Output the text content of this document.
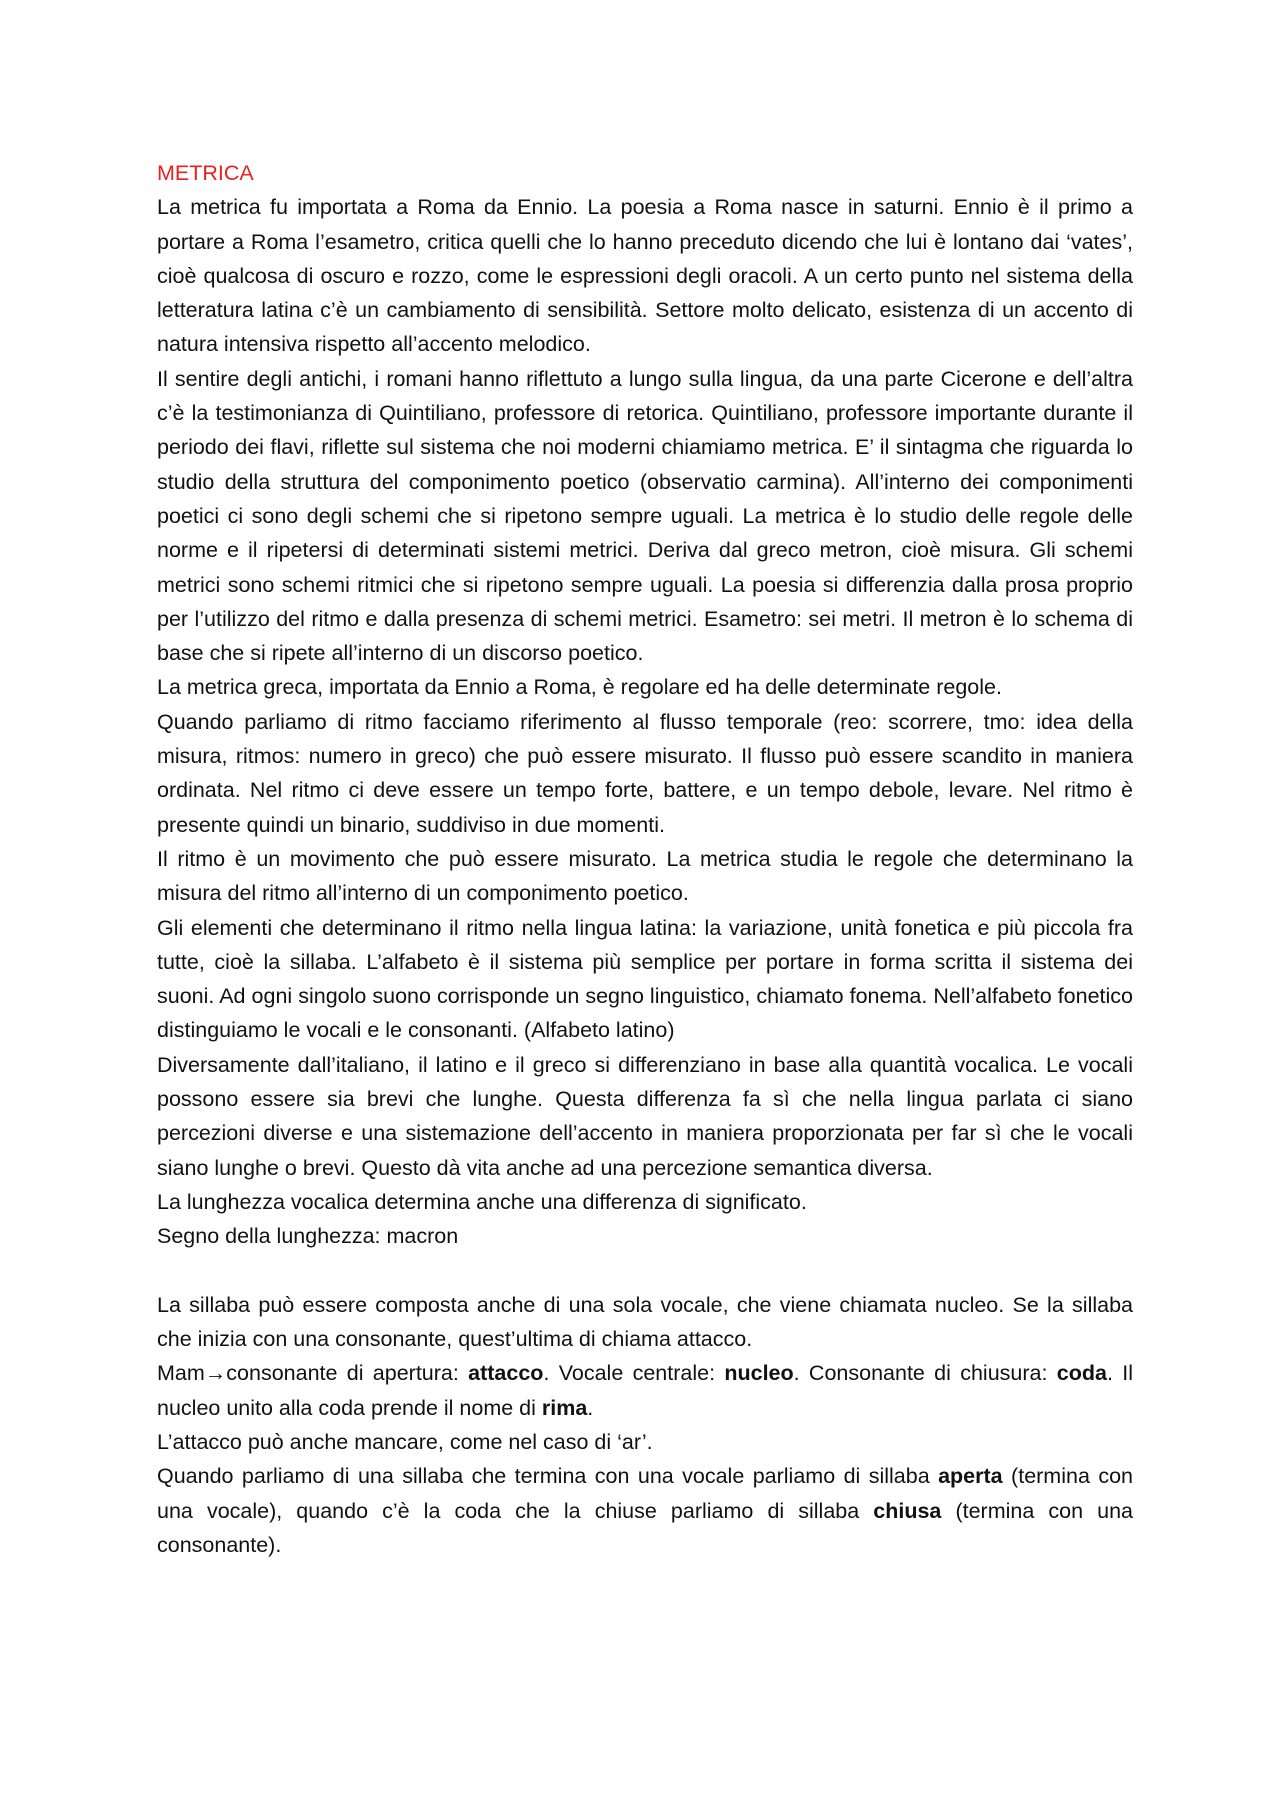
METRICA

La metrica fu importata a Roma da Ennio. La poesia a Roma nasce in saturni. Ennio è il primo a portare a Roma l’esametro, critica quelli che lo hanno preceduto dicendo che lui è lontano dai ‘vates’, cioè qualcosa di oscuro e rozzo, come le espressioni degli oracoli. A un certo punto nel sistema della letteratura latina c’è un cambiamento di sensibilità. Settore molto delicato, esistenza di un accento di natura intensiva rispetto all’accento melodico.

Il sentire degli antichi, i romani hanno riflettuto a lungo sulla lingua, da una parte Cicerone e dell’altra c’è la testimonianza di Quintiliano, professore di retorica. Quintiliano, professore importante durante il periodo dei flavi, riflette sul sistema che noi moderni chiamiamo metrica. E’ il sintagma che riguarda lo studio della struttura del componimento poetico (observatio carmina). All’interno dei componimenti poetici ci sono degli schemi che si ripetono sempre uguali. La metrica è lo studio delle regole delle norme e il ripetersi di determinati sistemi metrici. Deriva dal greco metron, cioè misura. Gli schemi metrici sono schemi ritmici che si ripetono sempre uguali. La poesia si differenzia dalla prosa proprio per l’utilizzo del ritmo e dalla presenza di schemi metrici. Esametro: sei metri. Il metron è lo schema di base che si ripete all’interno di un discorso poetico.

La metrica greca, importata da Ennio a Roma, è regolare ed ha delle determinate regole.

Quando parliamo di ritmo facciamo riferimento al flusso temporale (reo: scorrere, tmo: idea della misura, ritmos: numero in greco) che può essere misurato. Il flusso può essere scandito in maniera ordinata. Nel ritmo ci deve essere un tempo forte, battere, e un tempo debole, levare. Nel ritmo è presente quindi un binario, suddiviso in due momenti.

Il ritmo è un movimento che può essere misurato. La metrica studia le regole che determinano la misura del ritmo all’interno di un componimento poetico.

Gli elementi che determinano il ritmo nella lingua latina: la variazione, unità fonetica e più piccola fra tutte, cioè la sillaba. L’alfabeto è il sistema più semplice per portare in forma scritta il sistema dei suoni. Ad ogni singolo suono corrisponde un segno linguistico, chiamato fonema. Nell’alfabeto fonetico distinguiamo le vocali e le consonanti. (Alfabeto latino)

Diversamente dall’italiano, il latino e il greco si differenziano in base alla quantità vocalica. Le vocali possono essere sia brevi che lunghe. Questa differenza fa sì che nella lingua parlata ci siano percezioni diverse e una sistemazione dell’accento in maniera proporzionata per far sì che le vocali siano lunghe o brevi. Questo dà vita anche ad una percezione semantica diversa.

La lunghezza vocalica determina anche una differenza di significato.

Segno della lunghezza: macron

La sillaba può essere composta anche di una sola vocale, che viene chiamata nucleo. Se la sillaba che inizia con una consonante, quest’ultima di chiama attacco.

Mam→consonante di apertura: attacco. Vocale centrale: nucleo. Consonante di chiusura: coda. Il nucleo unito alla coda prende il nome di rima.

L’attacco può anche mancare, come nel caso di ‘ar’.

Quando parliamo di una sillaba che termina con una vocale parliamo di sillaba aperta (termina con una vocale), quando c’è la coda che la chiuse parliamo di sillaba chiusa (termina con una consonante).
